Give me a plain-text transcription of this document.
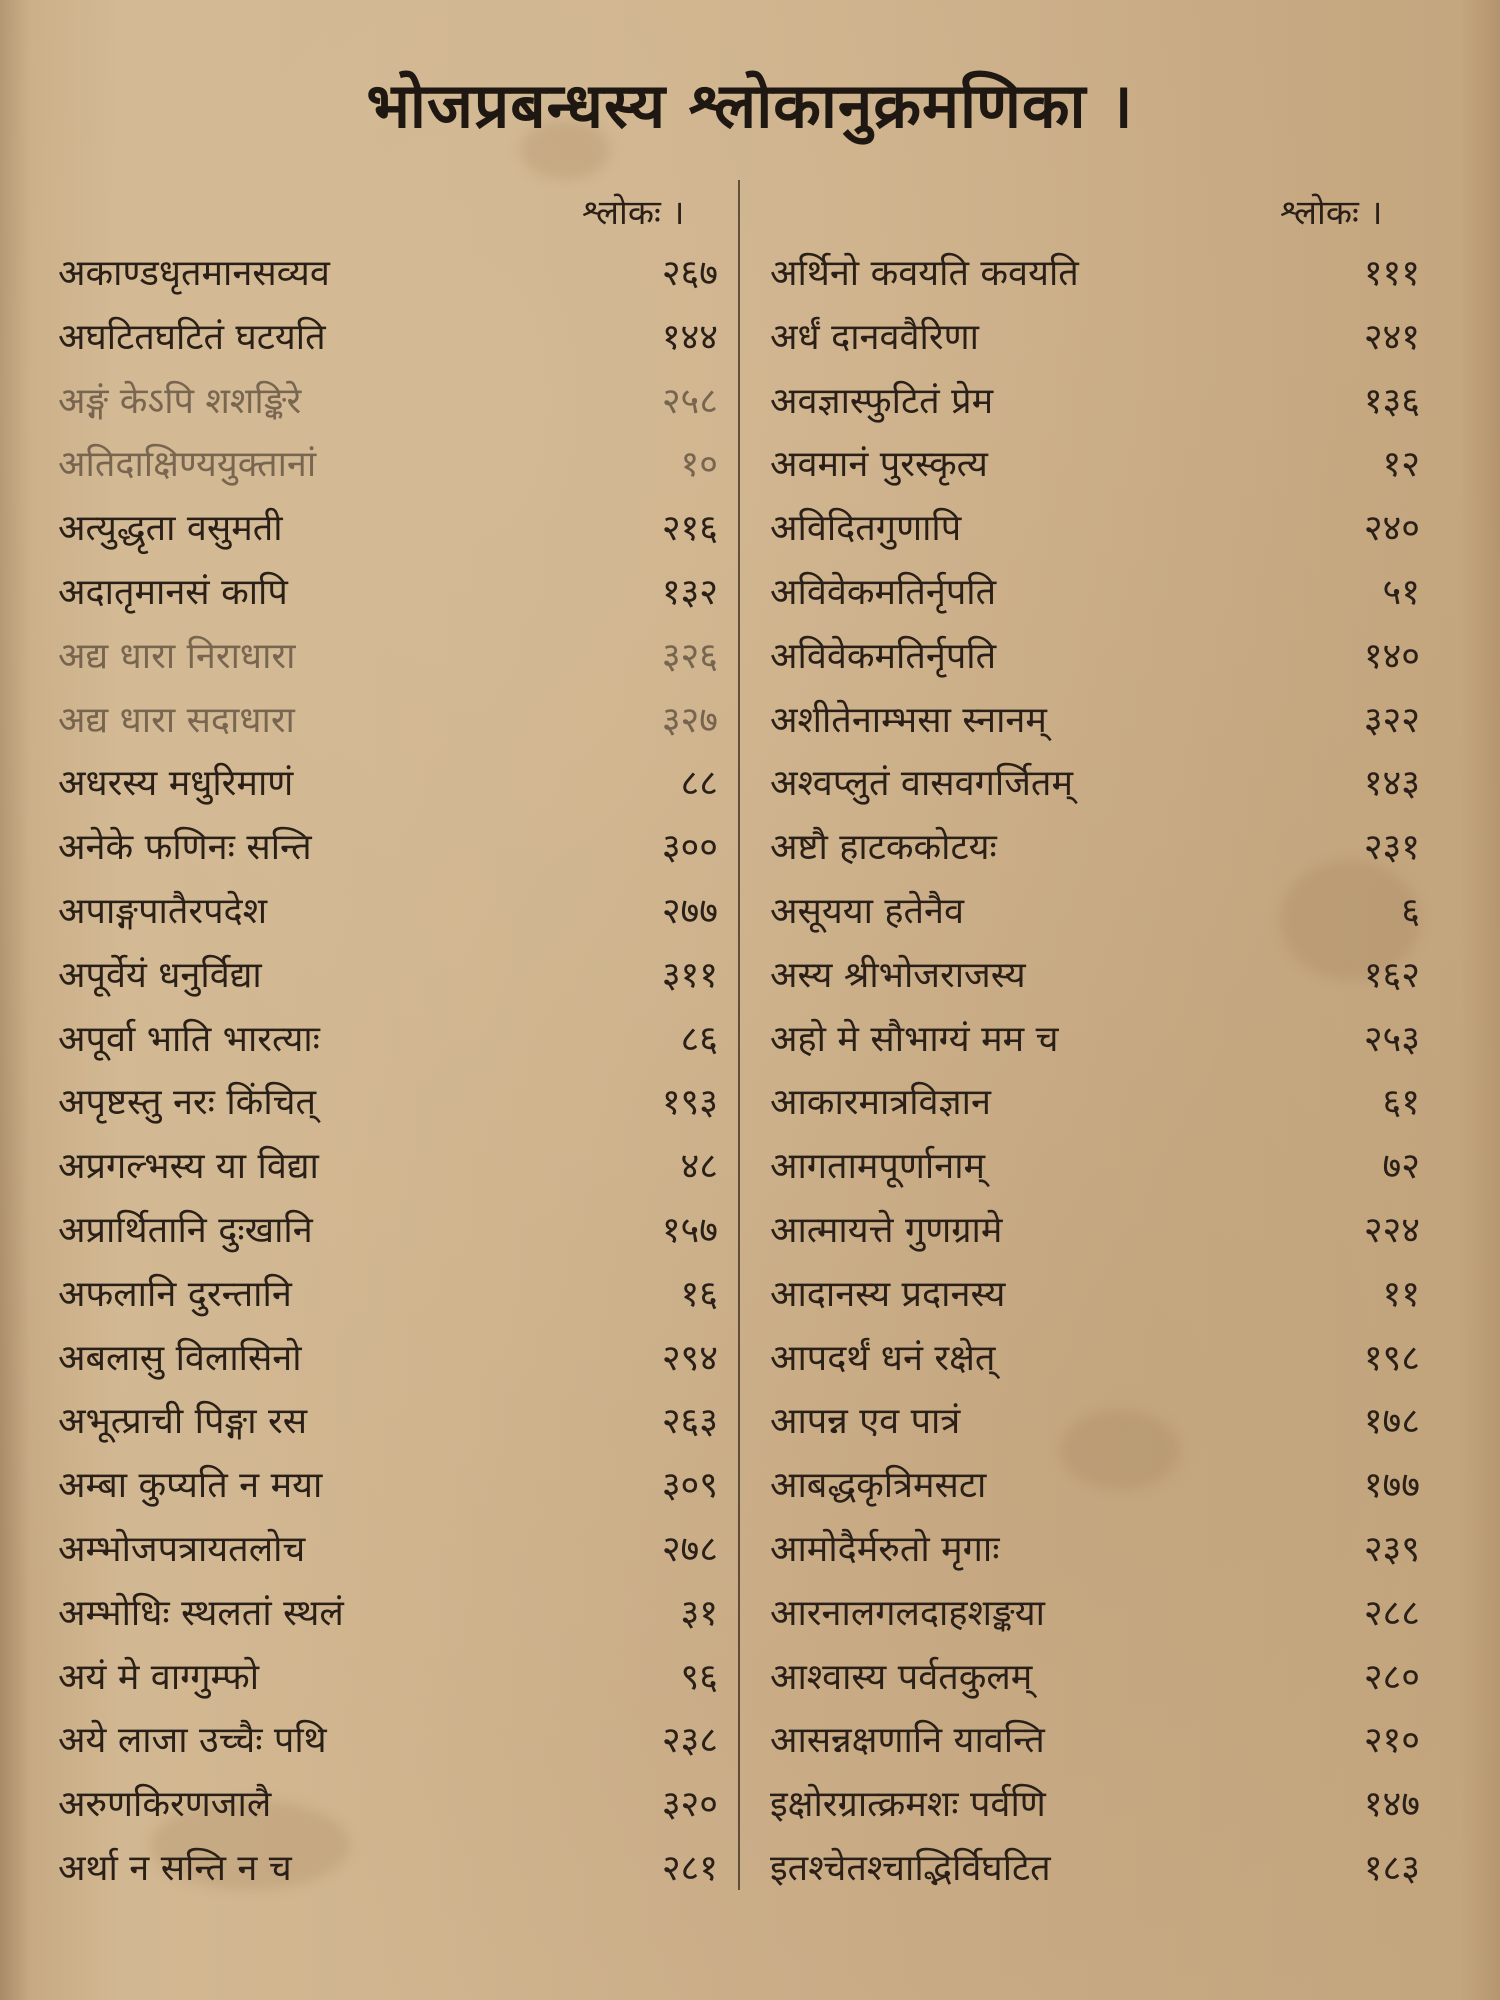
भोजप्रबन्धस्य श्लोकानुक्रमणिका ।
श्लोकः ।	श्लोकः ।
अकाण्डधृतमानसव्यव	२६७
अघटितघटितं घटयति	१४४
अङ्गं केऽपि शशङ्किरे	२५८
अतिदाक्षिण्ययुक्तानां	१०
अत्युद्धृता वसुमती	२१६
अदातृमानसं कापि	१३२
अद्य धारा निराधारा	३२६
अद्य धारा सदाधारा	३२७
अधरस्य मधुरिमाणं	८८
अनेके फणिनः सन्ति	३००
अपाङ्गपातैरपदेश	२७७
अपूर्वेयं धनुर्विद्या	३११
अपूर्वा भाति भारत्याः	८६
अपृष्टस्तु नरः किंचित्	१९३
अप्रगल्भस्य या विद्या	४८
अप्रार्थितानि दुःखानि	१५७
अफलानि दुरन्तानि	१६
अबलासु विलासिनो	२९४
अभूत्प्राची पिङ्गा रस	२६३
अम्बा कुप्यति न मया	३०९
अम्भोजपत्रायतलोच	२७८
अम्भोधिः स्थलतां स्थलं	३१
अयं मे वाग्गुम्फो	९६
अये लाजा उच्चैः पथि	२३८
अरुणकिरणजालै	३२०
अर्था न सन्ति न च	२८१
अर्थिनो कवयति कवयति	१११
अर्धं दानववैरिणा	२४१
अवज्ञास्फुटितं प्रेम	१३६
अवमानं पुरस्कृत्य	१२
अविदितगुणापि	२४०
अविवेकमतिर्नृपति	५१
अविवेकमतिर्नृपति	१४०
अशीतेनाम्भसा स्नानम्	३२२
अश्वप्लुतं वासवगर्जितम्	१४३
अष्टौ हाटककोटयः	२३१
असूयया हतेनैव	६
अस्य श्रीभोजराजस्य	१६२
अहो मे सौभाग्यं मम च	२५३
आकारमात्रविज्ञान	६१
आगतामपूर्णानाम्	७२
आत्मायत्ते गुणग्रामे	२२४
आदानस्य प्रदानस्य	११
आपदर्थं धनं रक्षेत्	१९८
आपन्न एव पात्रं	१७८
आबद्धकृत्रिमसटा	१७७
आमोदैर्मरुतो मृगाः	२३९
आरनालगलदाहशङ्कया	२८८
आश्वास्य पर्वतकुलम्	२८०
आसन्नक्षणानि यावन्ति	२१०
इक्षोरग्रात्क्रमशः पर्वणि	१४७
इतश्चेतश्चाद्भिर्विघटित	१८३
